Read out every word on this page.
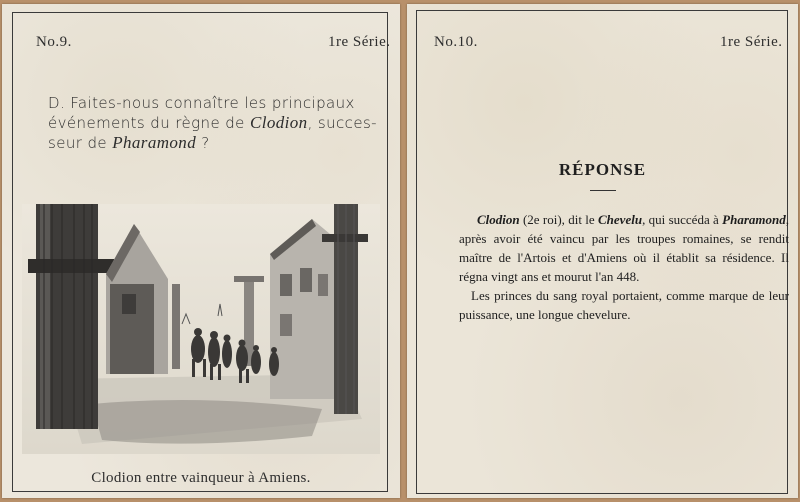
No.9.	1re Série.
D. Faites-nous connaître les principaux événements du règne de Clodion, succes-seur de Pharamond ?
Clodion entre vainqueur à Amiens.
No.10.	1re Série.
RÉPONSE

Clodion (2e roi), dit le Chevelu, qui succéda à Pharamond, après avoir été vaincu par les troupes romaines, se rendit maître de l'Artois et d'Amiens où il établit sa résidence. Il régna vingt ans et mourut l'an 448.

Les princes du sang royal portaient, comme marque de leur puissance, une longue chevelure.
